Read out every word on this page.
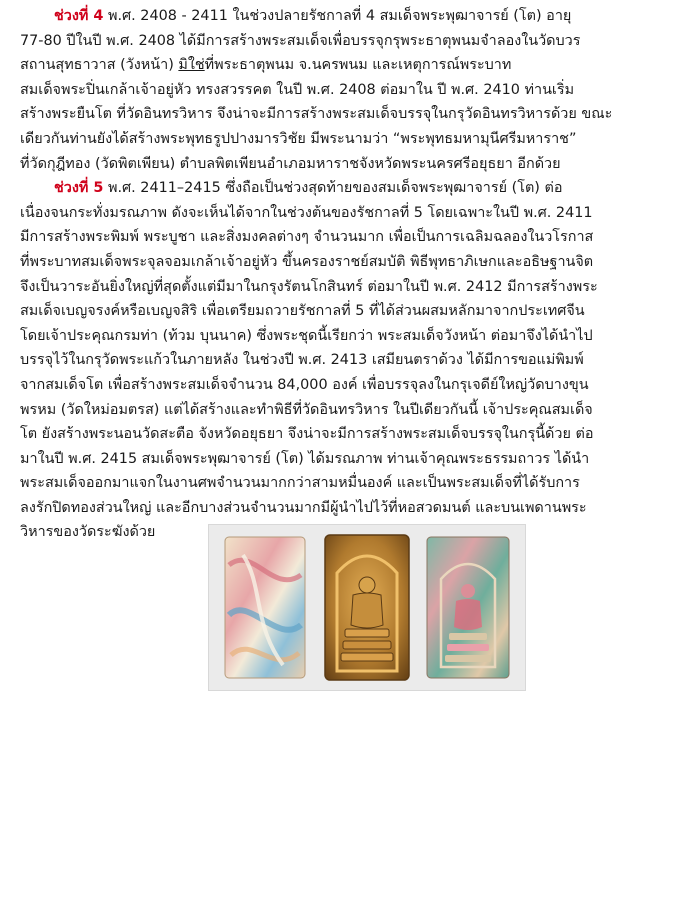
ช่วงที่ 4 พ.ศ. 2408 - 2411 ในช่วงปลายรัชกาลที่ 4 สมเด็จพระพุฒาจารย์ (โต) อายุ
77-80 ปีในปี พ.ศ. 2408 ได้มีการสร้างพระสมเด็จเพื่อบรรจุกรุพระธาตุพนมจำลองในวัดบวร
สถานสุทธาวาส (วังหน้า) มิใช่ที่พระธาตุพนม จ.นครพนม และเหตุการณ์พระบาท
สมเด็จพระปิ่นเกล้าเจ้าอยู่หัว ทรงสวรรคต ในปี พ.ศ. 2408 ต่อมาใน ปี พ.ศ. 2410 ท่านเริ่ม
สร้างพระยืนโต ที่วัดอินทรวิหาร จึงน่าจะมีการสร้างพระสมเด็จบรรจุในกรุวัดอินทรวิหารด้วย ขณะ
เดียวกันท่านยังได้สร้างพระพุทธรูปปางมารวิชัย มีพระนามว่า “พระพุทธมหามุนีศรีมหาราช”
ที่วัดกุฎีทอง (วัดพิตเพียน) ตำบลพิตเพียนอำเภอมหาราชจังหวัดพระนครศรีอยุธยา อีกด้วย
ช่วงที่ 5 พ.ศ. 2411–2415 ซึ่งถือเป็นช่วงสุดท้ายของสมเด็จพระพุฒาจารย์ (โต) ต่อ
เนื่องจนกระทั่งมรณภาพ ดังจะเห็นได้จากในช่วงต้นของรัชกาลที่ 5 โดยเฉพาะในปี พ.ศ. 2411
มีการสร้างพระพิมพ์ พระบูชา และสิ่งมงคลต่างๆ จำนวนมาก เพื่อเป็นการเฉลิมฉลองในวโรกาส
ที่พระบาทสมเด็จพระจุลจอมเกล้าเจ้าอยู่หัว ขึ้นครองราชย์สมบัติ พิธีพุทธาภิเษกและอธิษฐานจิต
จึงเป็นวาระอันยิ่งใหญ่ที่สุดตั้งแต่มีมาในกรุงรัตนโกสินทร์ ต่อมาในปี พ.ศ. 2412 มีการสร้างพระ
สมเด็จเบญจรงค์หรือเบญจสิริ เพื่อเตรียมถวายรัชกาลที่ 5 ที่ได้ส่วนผสมหลักมาจากประเทศจีน
โดยเจ้าประคุณกรมท่า (ท้วม บุนนาค) ซึ่งพระชุดนี้เรียกว่า พระสมเด็จวังหน้า ต่อมาจึงได้นำไป
บรรจุไว้ในกรุวัดพระแก้วในภายหลัง ในช่วงปี พ.ศ. 2413 เสมียนตราด้วง ได้มีการขอแม่พิมพ์
จากสมเด็จโต เพื่อสร้างพระสมเด็จจำนวน 84,000 องค์ เพื่อบรรจุลงในกรุเจดีย์ใหญ่วัดบางขุน
พรหม (วัดใหม่อมตรส) แต่ได้สร้างและทำพิธีที่วัดอินทรวิหาร ในปีเดียวกันนี้ เจ้าประคุณสมเด็จ
โต ยังสร้างพระนอนวัดสะตือ จังหวัดอยุธยา จึงน่าจะมีการสร้างพระสมเด็จบรรจุในกรุนี้ด้วย ต่อ
มาในปี พ.ศ. 2415 สมเด็จพระพุฒาจารย์ (โต) ได้มรณภาพ ท่านเจ้าคุณพระธรรมถาวร ได้นำ
พระสมเด็จออกมาแจกในงานศพจำนวนมากกว่าสามหมื่นองค์ และเป็นพระสมเด็จที่ได้รับการ
ลงรักปิดทองส่วนใหญ่ และอีกบางส่วนจำนวนมากมีผู้นำไปไว้ที่หอสวดมนต์ และบนเพดานพระ
วิหารของวัดระฆังด้วย
